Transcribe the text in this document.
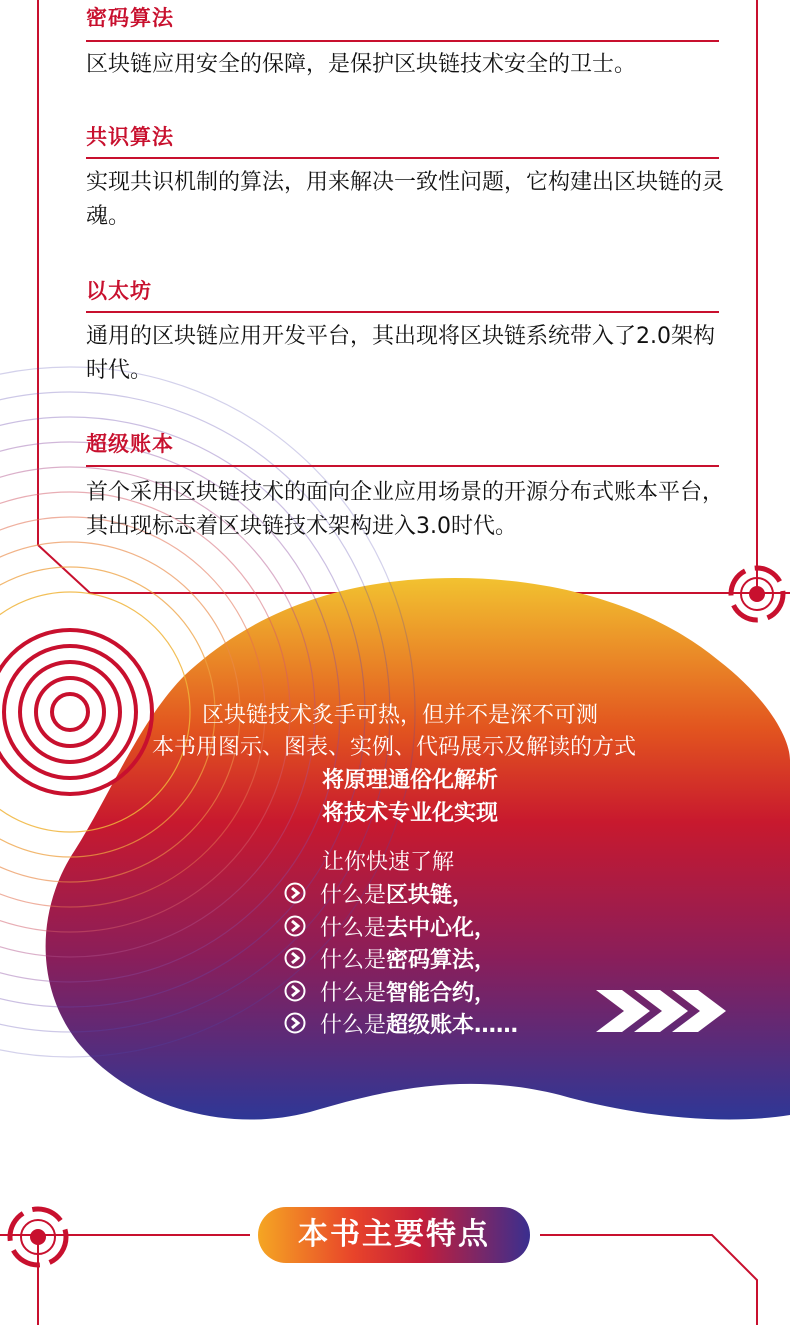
密码算法
区块链应用安全的保障，是保护区块链技术安全的卫士。
共识算法
实现共识机制的算法，用来解决一致性问题，它构建出区块链的灵魂。
以太坊
通用的区块链应用开发平台，其出现将区块链系统带入了2.0架构时代。
超级账本
首个采用区块链技术的面向企业应用场景的开源分布式账本平台，其出现标志着区块链技术架构进入3.0时代。
区块链技术炙手可热，但并不是深不可测
本书用图示、图表、实例、代码展示及解读的方式
将原理通俗化解析
将技术专业化实现
让你快速了解
什么是 区块链，
什么是 去中心化，
什么是 密码算法，
什么是 智能合约，
什么是 超级账本……
本书主要特点
